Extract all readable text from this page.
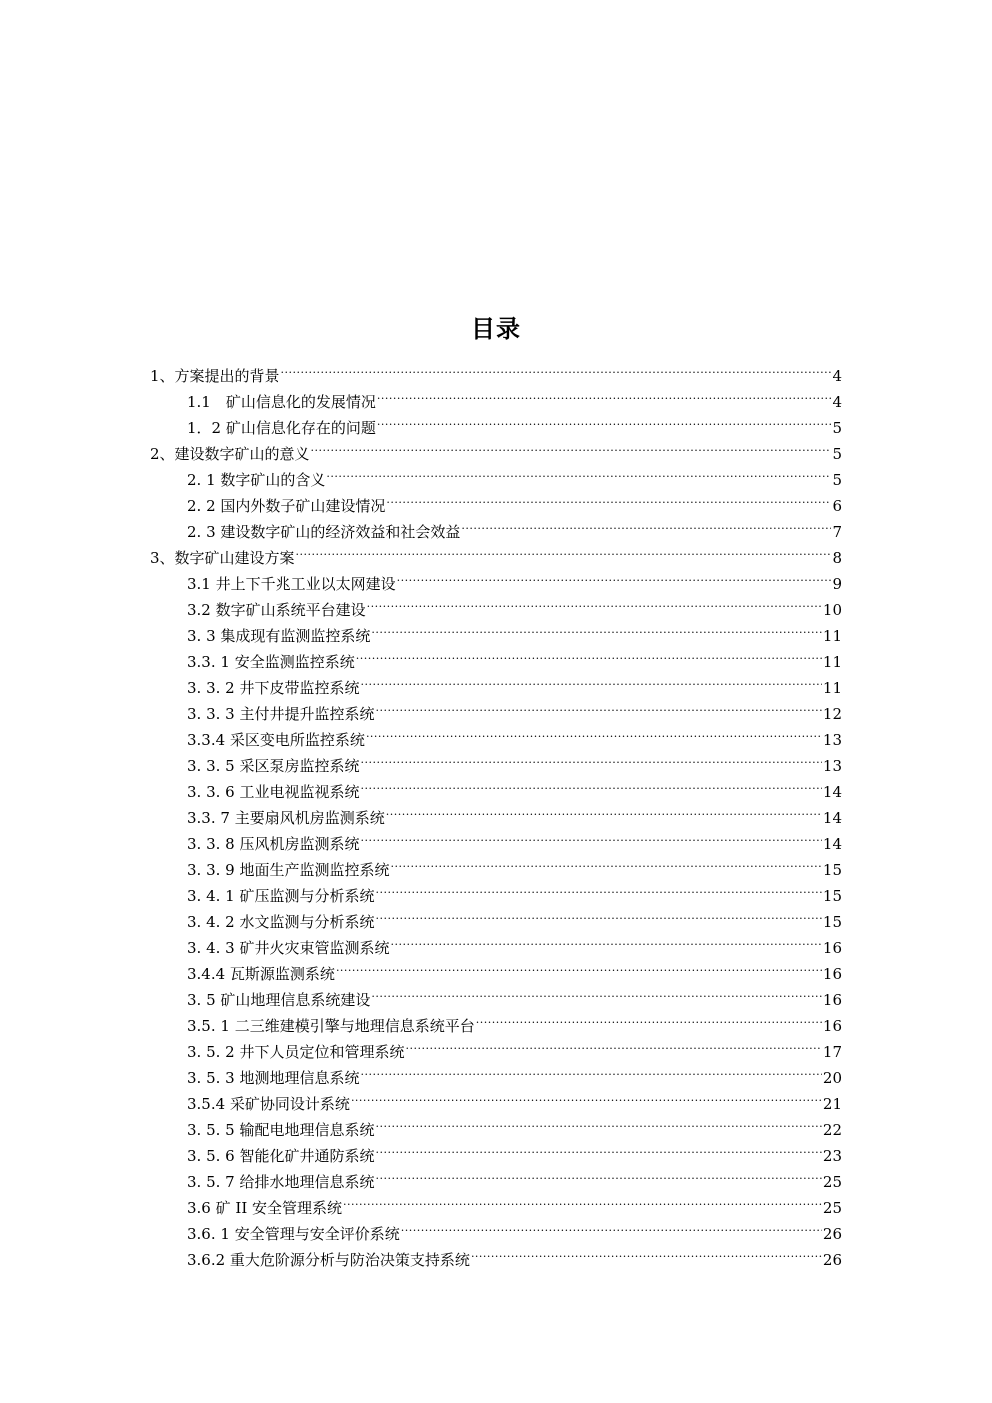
目录
1、方案提出的背景 .....	4
1.1　矿山信息化的发展情况 .....	4
1．2 矿山信息化存在的问题 .....	5
2、建设数字矿山的意义 .....	5
2. 1 数字矿山的含义 .....	5
2. 2 国内外数子矿山建设情况 .....	6
2. 3 建设数字矿山的经济效益和社会效益 .....	7
3、数字矿山建设方案 .....	8
3.1 井上下千兆工业以太网建设 .....	9
3.2 数字矿山系统平台建设 .....	10
3. 3 集成现有监测监控系统 .....	11
3.3. 1 安全监测监控系统 .....	11
3. 3. 2 井下皮带监控系统 .....	11
3. 3. 3 主付井提升监控系统 .....	12
3.3.4 采区变电所监控系统 .....	13
3. 3. 5 采区泵房监控系统 .....	13
3. 3. 6 工业电视监视系统 .....	14
3.3. 7 主要扇风机房监测系统 .....	14
3. 3. 8 压风机房监测系统 .....	14
3. 3. 9 地面生产监测监控系统 .....	15
3. 4. 1 矿压监测与分析系统 .....	15
3. 4. 2 水文监测与分析系统 .....	15
3. 4. 3 矿井火灾束管监测系统 .....	16
3.4.4 瓦斯源监测系统 .....	16
3. 5 矿山地理信息系统建设 .....	16
3.5. 1 二三维建模引擎与地理信息系统平台 .....	16
3. 5. 2 井下人员定位和管理系统 .....	17
3. 5. 3 地测地理信息系统 .....	20
3.5.4 采矿协同设计系统 .....	21
3. 5. 5 输配电地理信息系统 .....	22
3. 5. 6 智能化矿井通防系统 .....	23
3. 5. 7 给排水地理信息系统 .....	25
3.6 矿 II 安全管理系统 .....	25
3.6. 1 安全管理与安全评价系统 .....	26
3.6.2 重大危阶源分析与防治决策支持系统 .....	26
